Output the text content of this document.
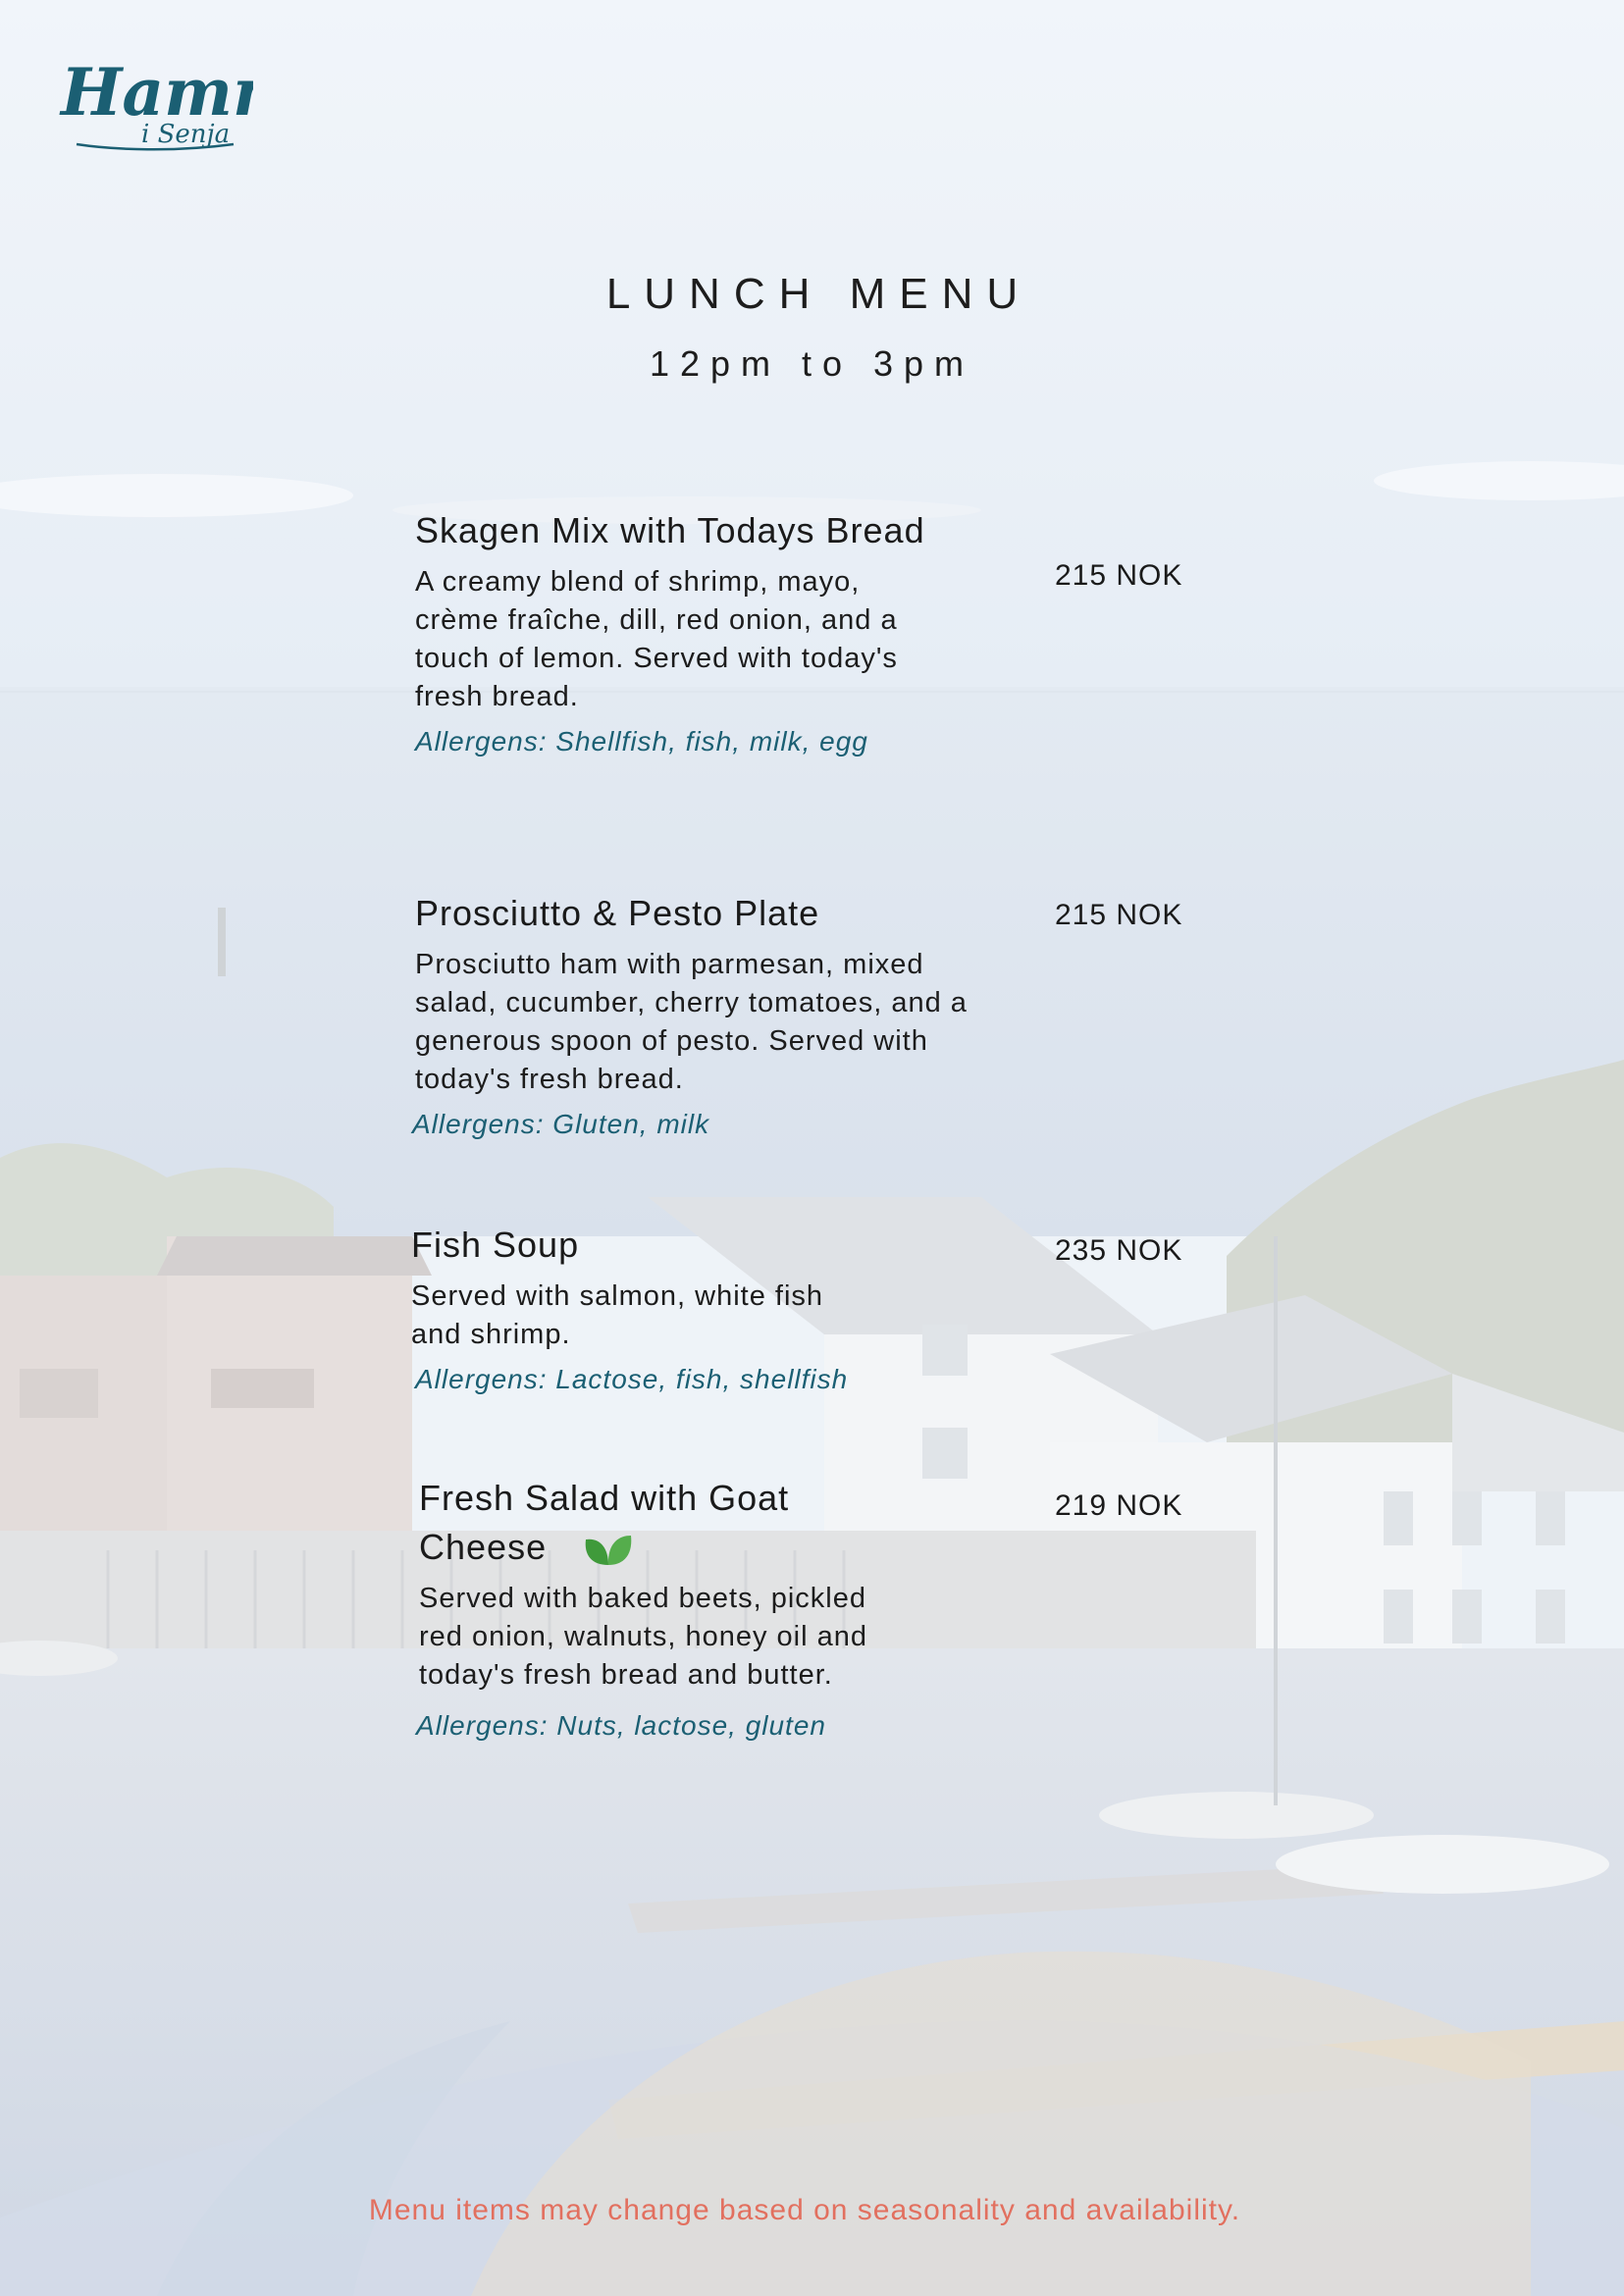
Ham
i Senja
LUNCH MENU

12pm to 3pm

Skagen Mix with Todays Bread

A creamy blend of shrimp, mayo, crème fraîche, dill, red onion, and a touch of lemon. Served with today's fresh bread.

Allergens: Shellfish, fish, milk, egg

215 NOK

Prosciutto & Pesto Plate

Prosciutto ham with parmesan, mixed salad, cucumber, cherry tomatoes, and a generous spoon of pesto. Served with today's fresh bread.

Allergens: Gluten, milk

215 NOK

Fish Soup

Served with salmon, white fish and shrimp.

Allergens: Lactose, fish, shellfish

235 NOK

Fresh Salad with Goat Cheese

Served with baked beets, pickled red onion, walnuts, honey oil and today's fresh bread and butter.

Allergens: Nuts, lactose, gluten

219 NOK

Menu items may change based on seasonality and availability.
